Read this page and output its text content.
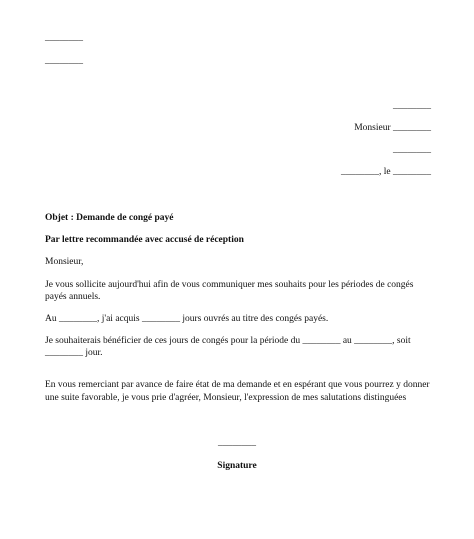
________
________
________
Monsieur ________
________
________, le ________
Objet : Demande de congé payé
Par lettre recommandée avec accusé de réception
Monsieur,
Je vous sollicite aujourd'hui afin de vous communiquer mes souhaits pour les périodes de congés
payés annuels.
Au ________, j'ai acquis ________ jours ouvrés au titre des congés payés.
Je souhaiterais bénéficier de ces jours de congés pour la période du ________ au ________, soit
________ jour.
En vous remerciant par avance de faire état de ma demande et en espérant que vous pourrez y donner
une suite favorable, je vous prie d'agréer, Monsieur, l'expression de mes salutations distinguées
________
Signature
